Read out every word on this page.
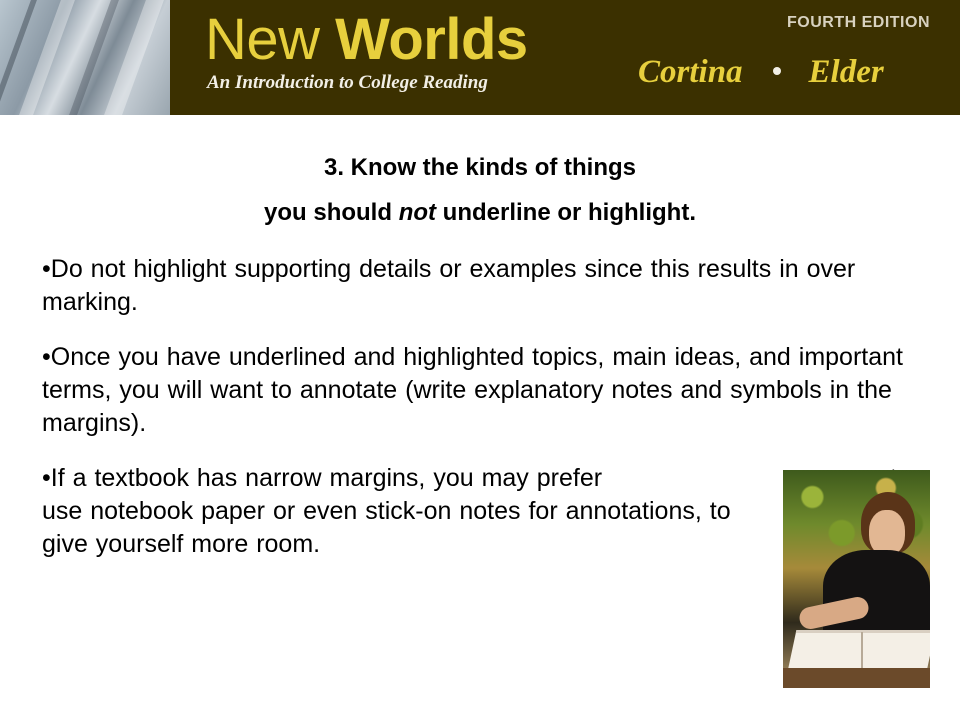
New Worlds
An Introduction to College Reading
FOURTH EDITION
Cortina Elder
3. Know the kinds of things
you should not underline or highlight.
•Do not highlight supporting details or examples since this results in over marking.
•Once you have underlined and highlighted topics, main ideas, and important terms, you will want to annotate (write explanatory notes and symbols in the margins).
•If a textbook has narrow margins, you may prefer
use notebook paper or even stick-on notes for annotations, to give yourself more room.
